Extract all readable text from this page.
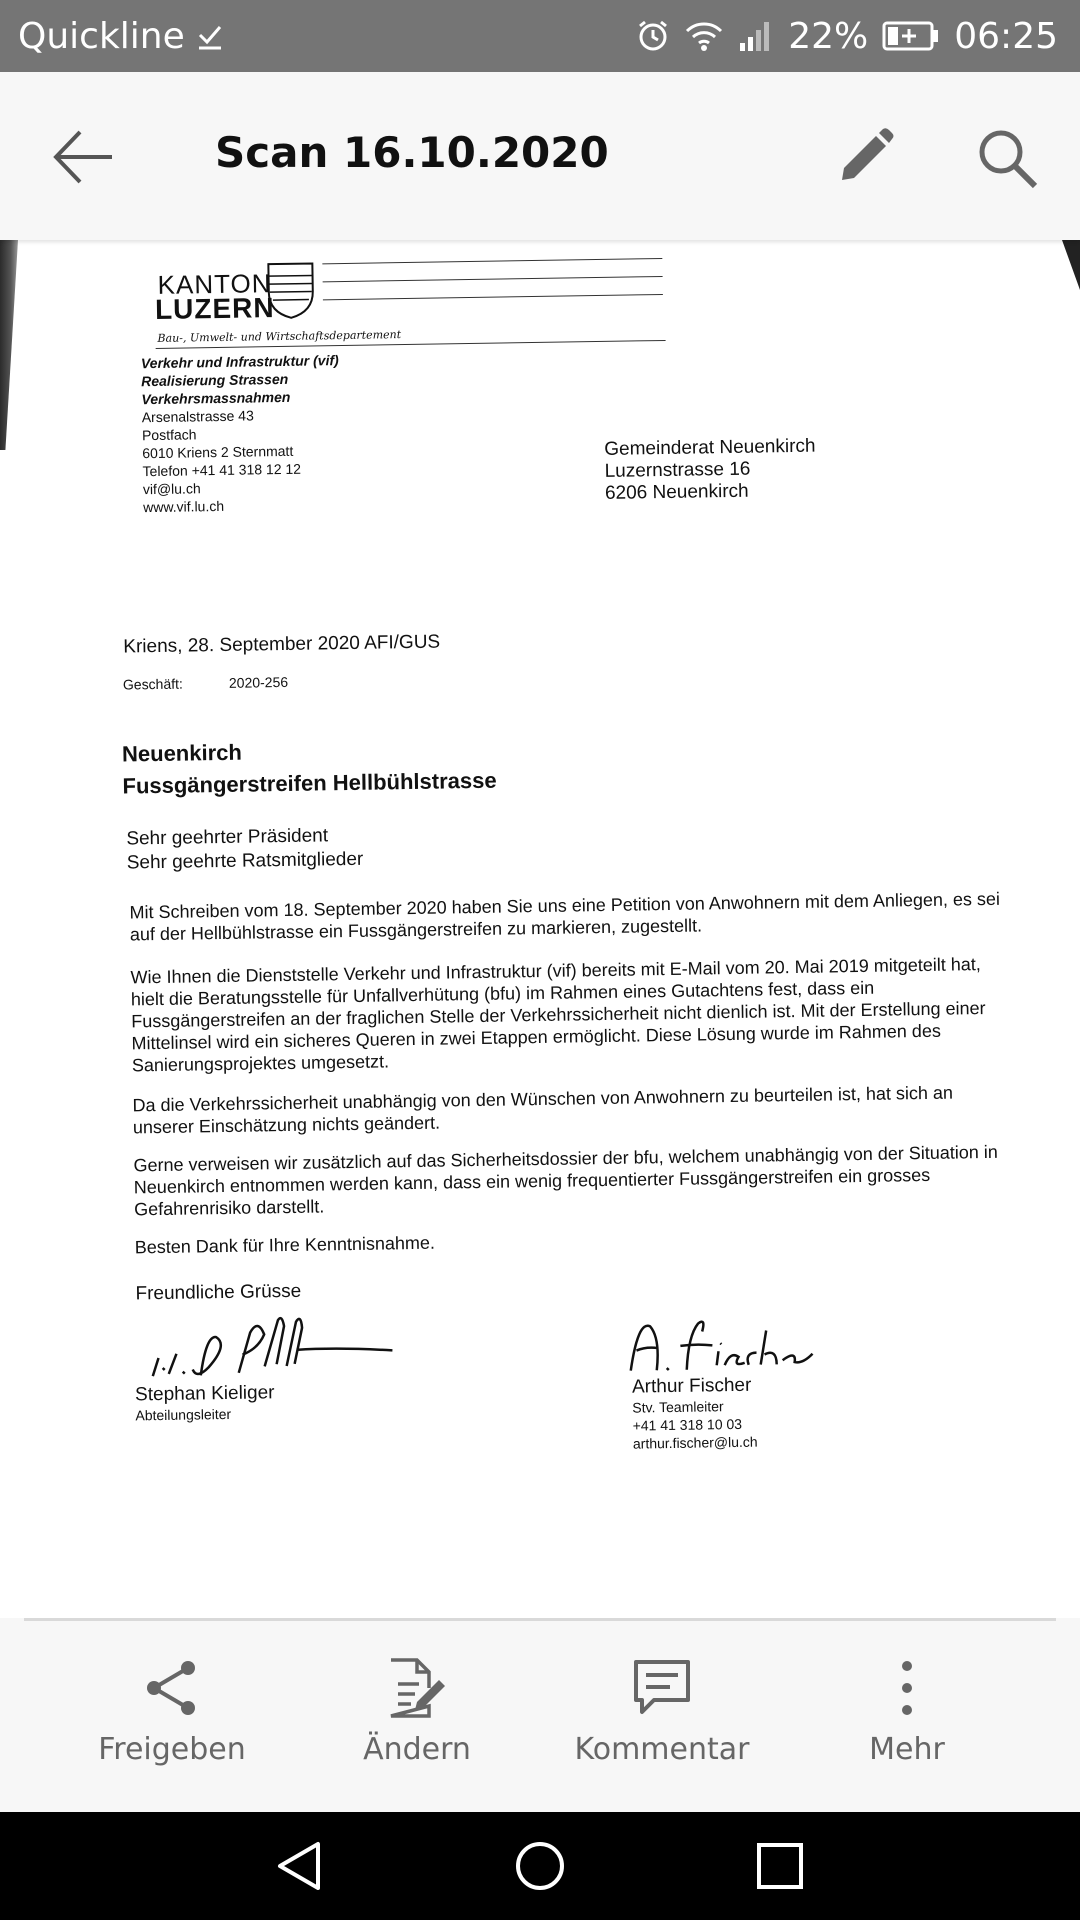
Quickline	22% 06:25
Scan 16.10.2020
KANTON
LUZERN
Bau-, Umwelt- und Wirtschaftsdepartement
Verkehr und Infrastruktur (vif)
Realisierung Strassen
Verkehrsmassnahmen
Arsenalstrasse 43
Postfach
6010 Kriens 2 Sternmatt
Telefon +41 41 318 12 12
vif@lu.ch
www.vif.lu.ch
Gemeinderat Neuenkirch
Luzernstrasse 16
6206 Neuenkirch
Kriens, 28. September 2020 AFI/GUS
Geschäft:	2020-256
Neuenkirch
Fussgängerstreifen Hellbühlstrasse
Sehr geehrter Präsident
Sehr geehrte Ratsmitglieder
Mit Schreiben vom 18. September 2020 haben Sie uns eine Petition von Anwohnern mit dem Anliegen, es sei auf der Hellbühlstrasse ein Fussgängerstreifen zu markieren, zugestellt.
Wie Ihnen die Dienststelle Verkehr und Infrastruktur (vif) bereits mit E-Mail vom 20. Mai 2019 mitgeteilt hat, hielt die Beratungsstelle für Unfallverhütung (bfu) im Rahmen eines Gutachtens fest, dass ein Fussgängerstreifen an der fraglichen Stelle der Verkehrssicherheit nicht dienlich ist. Mit der Erstellung einer Mittelinsel wird ein sicheres Queren in zwei Etappen ermöglicht. Diese Lösung wurde im Rahmen des Sanierungsprojektes umgesetzt.
Da die Verkehrssicherheit unabhängig von den Wünschen von Anwohnern zu beurteilen ist, hat sich an unserer Einschätzung nichts geändert.
Gerne verweisen wir zusätzlich auf das Sicherheitsdossier der bfu, welchem unabhängig von der Situation in Neuenkirch entnommen werden kann, dass ein wenig frequentierter Fussgängerstreifen ein grosses Gefahrenrisiko darstellt.
Besten Dank für Ihre Kenntnisnahme.
Freundliche Grüsse
Stephan Kieliger
Abteilungsleiter
Arthur Fischer
Stv. Teamleiter
+41 41 318 10 03
arthur.fischer@lu.ch
Freigeben	Ändern	Kommentar	Mehr
